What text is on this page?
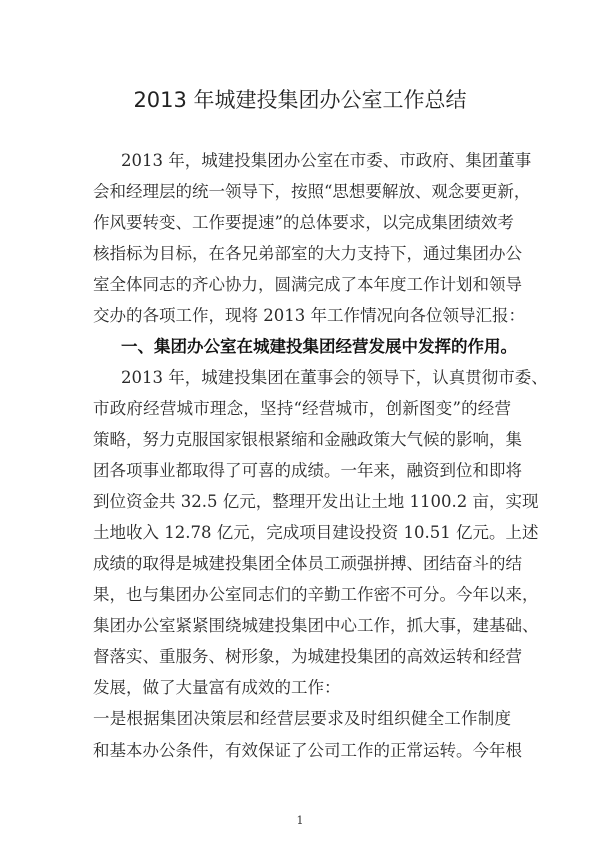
2013 年城建投集团办公室工作总结
2013 年，城建投集团办公室在市委、市政府、集团董事
会和经理层的统一领导下，按照“思想要解放、观念要更新，
作风要转变、工作要提速”的总体要求，以完成集团绩效考
核指标为目标，在各兄弟部室的大力支持下，通过集团办公
室全体同志的齐心协力，圆满完成了本年度工作计划和领导
交办的各项工作，现将 2013 年工作情况向各位领导汇报：
一、集团办公室在城建投集团经营发展中发挥的作用。
2013 年，城建投集团在董事会的领导下，认真贯彻市委、
市政府经营城市理念，坚持“经营城市，创新图变”的经营
策略，努力克服国家银根紧缩和金融政策大气候的影响，集
团各项事业都取得了可喜的成绩。一年来，融资到位和即将
到位资金共 32.5 亿元，整理开发出让土地 1100.2 亩，实现
土地收入 12.78 亿元，完成项目建设投资 10.51 亿元。上述
成绩的取得是城建投集团全体员工顽强拼搏、团结奋斗的结
果，也与集团办公室同志们的辛勤工作密不可分。今年以来，
集团办公室紧紧围绕城建投集团中心工作，抓大事，建基础、
督落实、重服务、树形象，为城建投集团的高效运转和经营
发展，做了大量富有成效的工作：
一是根据集团决策层和经营层要求及时组织健全工作制度
和基本办公条件，有效保证了公司工作的正常运转。今年根
1
